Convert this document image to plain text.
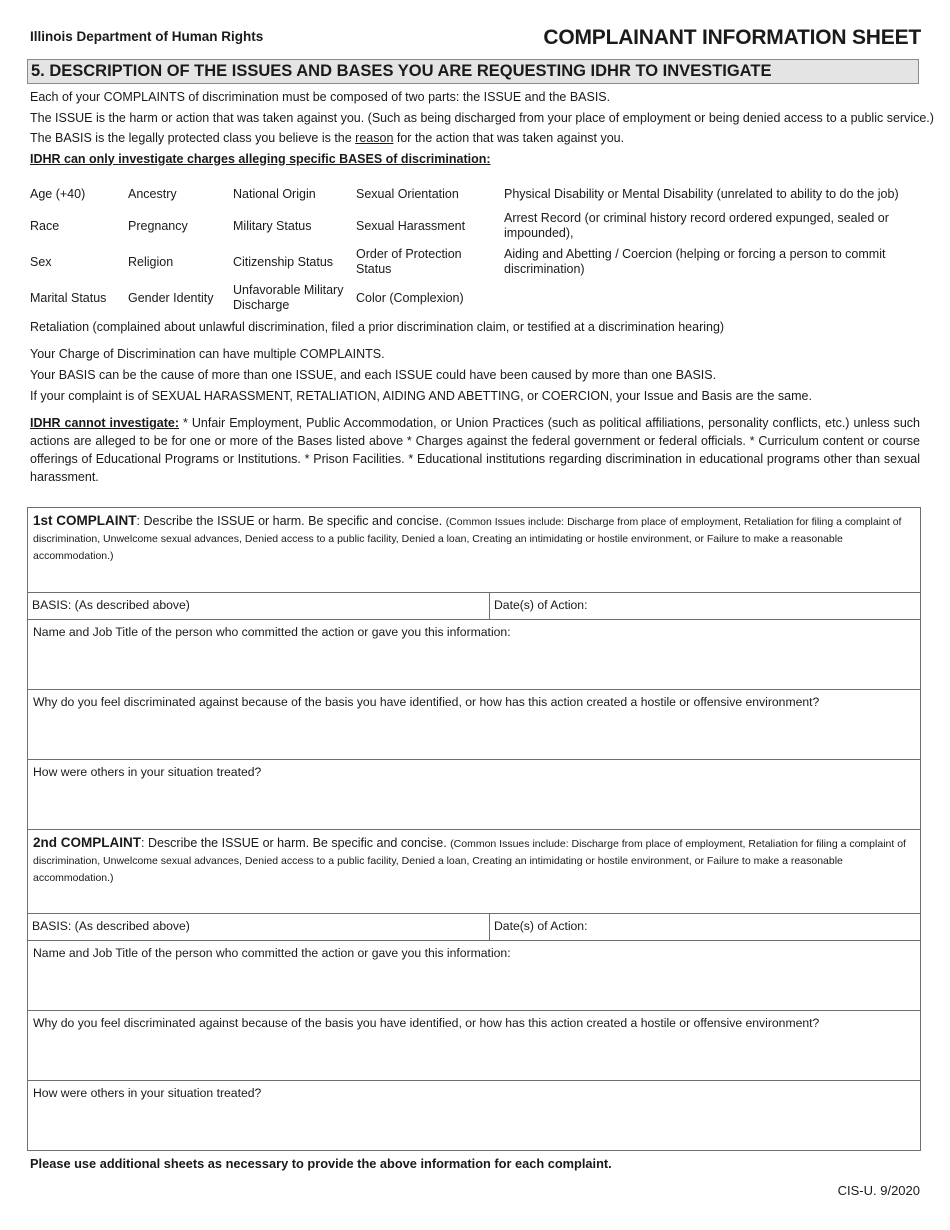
Illinois Department of Human Rights	COMPLAINANT INFORMATION SHEET
5. DESCRIPTION OF THE ISSUES AND BASES YOU ARE REQUESTING IDHR TO INVESTIGATE
Each of your COMPLAINTS of discrimination must be composed of two parts: the ISSUE and the BASIS.
The ISSUE is the harm or action that was taken against you. (Such as being discharged from your place of employment or being denied access to a public service.)
The BASIS is the legally protected class you believe is the reason for the action that was taken against you.
IDHR can only investigate charges alleging specific BASES of discrimination:
Age (+40)	Ancestry	National Origin	Sexual Orientation	Physical Disability or Mental Disability (unrelated to ability to do the job)
Race	Pregnancy	Military Status	Sexual Harassment	Arrest Record (or criminal history record ordered expunged, sealed or impounded),
Sex	Religion	Citizenship Status	Order of Protection Status	Aiding and Abetting / Coercion (helping or forcing a person to commit discrimination)
Marital Status	Gender Identity	Unfavorable Military Discharge	Color (Complexion)	
Retaliation (complained about unlawful discrimination, filed a prior discrimination claim, or testified at a discrimination hearing)
Your Charge of Discrimination can have multiple COMPLAINTS.
Your BASIS can be the cause of more than one ISSUE, and each ISSUE could have been caused by more than one BASIS.
If your complaint is of SEXUAL HARASSMENT, RETALIATION, AIDING AND ABETTING, or COERCION, your Issue and Basis are the same.
IDHR cannot investigate: * Unfair Employment, Public Accommodation, or Union Practices (such as political affiliations, personality conflicts, etc.) unless such actions are alleged to be for one or more of the Bases listed above * Charges against the federal government or federal officials. * Curriculum content or course offerings of Educational Programs or Institutions. * Prison Facilities. * Educational institutions regarding discrimination in educational programs other than sexual harassment.
1st COMPLAINT: Describe the ISSUE or harm. Be specific and concise. (Common Issues include: Discharge from place of employment, Retaliation for filing a complaint of discrimination, Unwelcome sexual advances, Denied access to a public facility, Denied a loan, Creating an intimidating or hostile environment, or Failure to make a reasonable accommodation.)
BASIS: (As described above)	Date(s) of Action:
Name and Job Title of the person who committed the action or gave you this information:
Why do you feel discriminated against because of the basis you have identified, or how has this action created a hostile or offensive environment?
How were others in your situation treated?
2nd COMPLAINT: Describe the ISSUE or harm. Be specific and concise. (Common Issues include: Discharge from place of employment, Retaliation for filing a complaint of discrimination, Unwelcome sexual advances, Denied access to a public facility, Denied a loan, Creating an intimidating or hostile environment, or Failure to make a reasonable accommodation.)
BASIS: (As described above)	Date(s) of Action:
Name and Job Title of the person who committed the action or gave you this information:
Why do you feel discriminated against because of the basis you have identified, or how has this action created a hostile or offensive environment?
How were others in your situation treated?
Please use additional sheets as necessary to provide the above information for each complaint.
CIS-U. 9/2020
